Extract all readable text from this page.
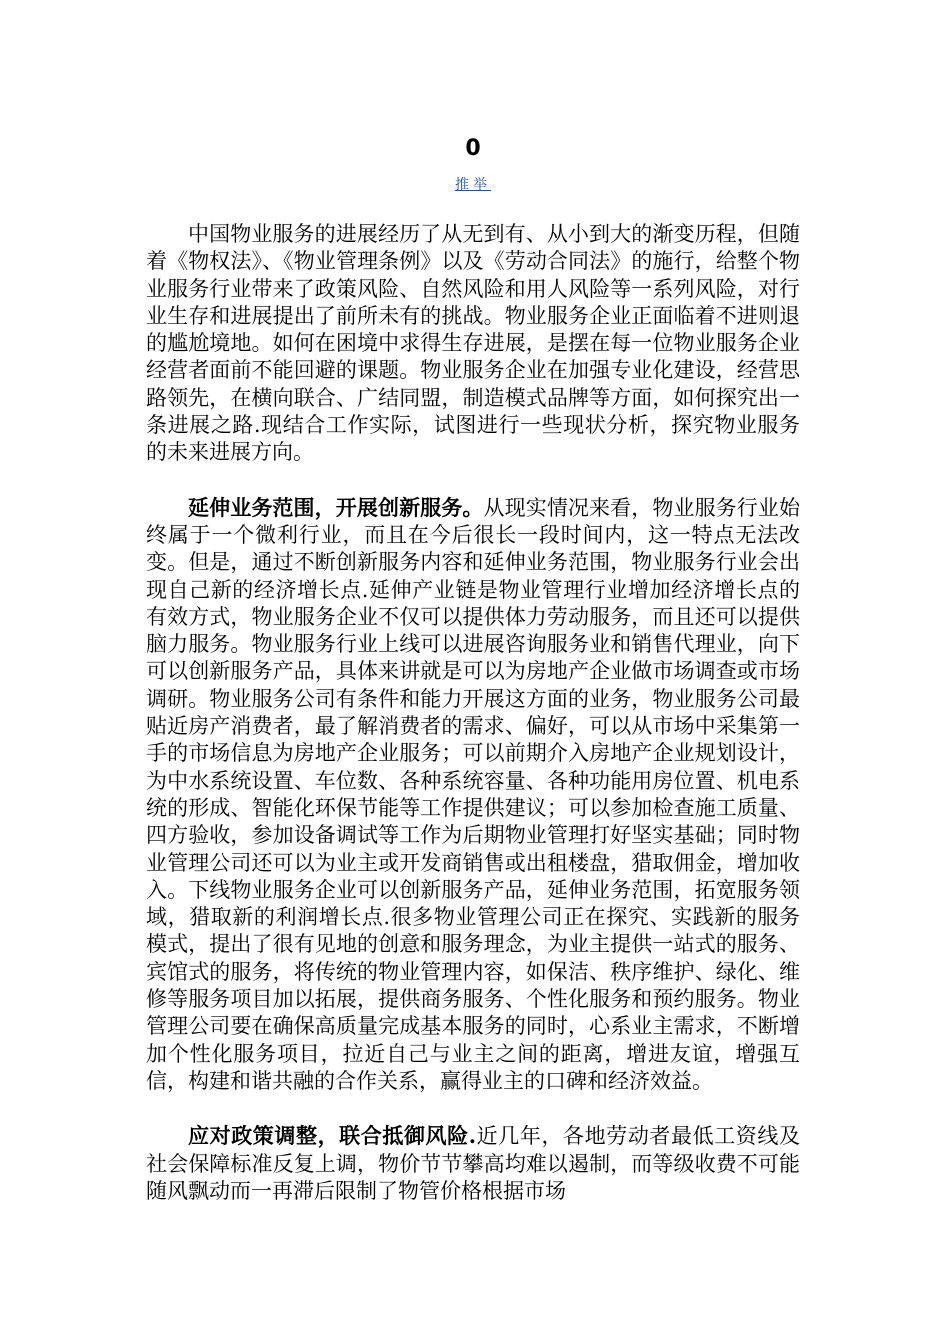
0
推举

中国物业服务的进展经历了从无到有、从小到大的渐变历程，但随着《物权法》、《物业管理条例》以及《劳动合同法》的施行，给整个物业服务行业带来了政策风险、自然风险和用人风险等一系列风险，对行业生存和进展提出了前所未有的挑战。物业服务企业正面临着不进则退的尴尬境地。如何在困境中求得生存进展，是摆在每一位物业服务企业经营者面前不能回避的课题。物业服务企业在加强专业化建设，经营思路领先，在横向联合、广结同盟，制造模式品牌等方面，如何探究出一条进展之路.现结合工作实际，试图进行一些现状分析，探究物业服务的未来进展方向。

延伸业务范围，开展创新服务。从现实情况来看，物业服务行业始终属于一个微利行业，而且在今后很长一段时间内，这一特点无法改变。但是，通过不断创新服务内容和延伸业务范围，物业服务行业会出现自己新的经济增长点.延伸产业链是物业管理行业增加经济增长点的有效方式，物业服务企业不仅可以提供体力劳动服务，而且还可以提供脑力服务。物业服务行业上线可以进展咨询服务业和销售代理业，向下可以创新服务产品，具体来讲就是可以为房地产企业做市场调查或市场调研。物业服务公司有条件和能力开展这方面的业务，物业服务公司最贴近房产消费者，最了解消费者的需求、偏好，可以从市场中采集第一手的市场信息为房地产企业服务；可以前期介入房地产企业规划设计，为中水系统设置、车位数、各种系统容量、各种功能用房位置、机电系统的形成、智能化环保节能等工作提供建议；可以参加检查施工质量、四方验收，参加设备调试等工作为后期物业管理打好坚实基础；同时物业管理公司还可以为业主或开发商销售或出租楼盘，猎取佣金，增加收入。下线物业服务企业可以创新服务产品，延伸业务范围，拓宽服务领域，猎取新的利润增长点.很多物业管理公司正在探究、实践新的服务模式，提出了很有见地的创意和服务理念，为业主提供一站式的服务、宾馆式的服务，将传统的物业管理内容，如保洁、秩序维护、绿化、维修等服务项目加以拓展，提供商务服务、个性化服务和预约服务。物业管理公司要在确保高质量完成基本服务的同时，心系业主需求，不断增加个性化服务项目，拉近自己与业主之间的距离，增进友谊，增强互信，构建和谐共融的合作关系，赢得业主的口碑和经济效益。

应对政策调整，联合抵御风险.近几年，各地劳动者最低工资线及社会保障标准反复上调，物价节节攀高均难以遏制，而等级收费不可能随风飘动而一再滞后限制了物管价格根据市场
